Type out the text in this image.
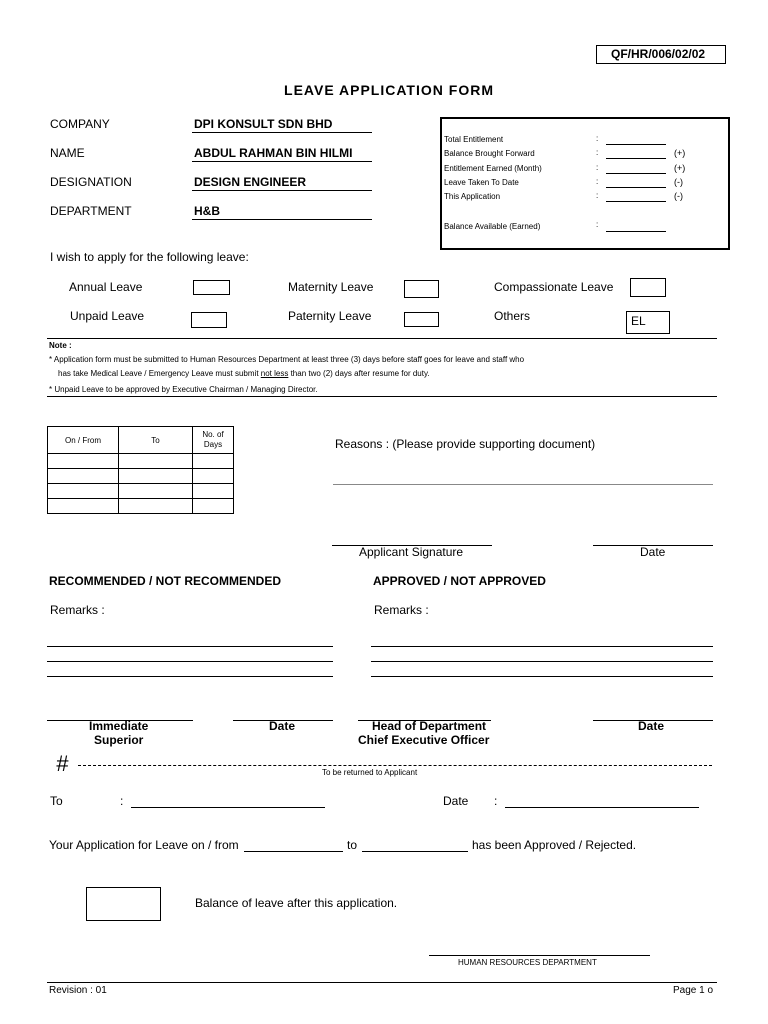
QF/HR/006/02/02
LEAVE APPLICATION FORM
COMPANY	DPI KONSULT SDN BHD
NAME	ABDUL RAHMAN BIN HILMI
DESIGNATION	DESIGN ENGINEER
DEPARTMENT	H&B
Total Entitlement	:
Balance Brought Forward	:	(+)
Entitlement Earned (Month)	:	(+)
Leave Taken To Date	:	(-)
This Application	:	(-)
Balance Available (Earned)	:
I wish to apply for the following leave:
Annual Leave	Maternity Leave	Compassionate Leave
Unpaid Leave	Paternity Leave	Others	EL
Note :
* Application form must be submitted to Human Resources Department at least three (3) days before staff goes for leave and staff who
has take Medical Leave / Emergency Leave must submit not less than two (2) days after resume for duty.
* Unpaid Leave to be approved by Executive Chairman / Managing Director.
On / From	To	No. of
Days

			Reasons : (Please provide supporting document)
Applicant Signature	Date
RECOMMENDED / NOT RECOMMENDED	APPROVED / NOT APPROVED
Remarks :	Remarks :
Immediate
Superior
Date	Head of Department
Chief Executive Officer
Date
#	To be returned to Applicant
To	:	Date :
Your Application for Leave on / from	to	has been Approved / Rejected.
Balance of leave after this application.
HUMAN RESOURCES DEPARTMENT
Revision : 01	Page 1 o
